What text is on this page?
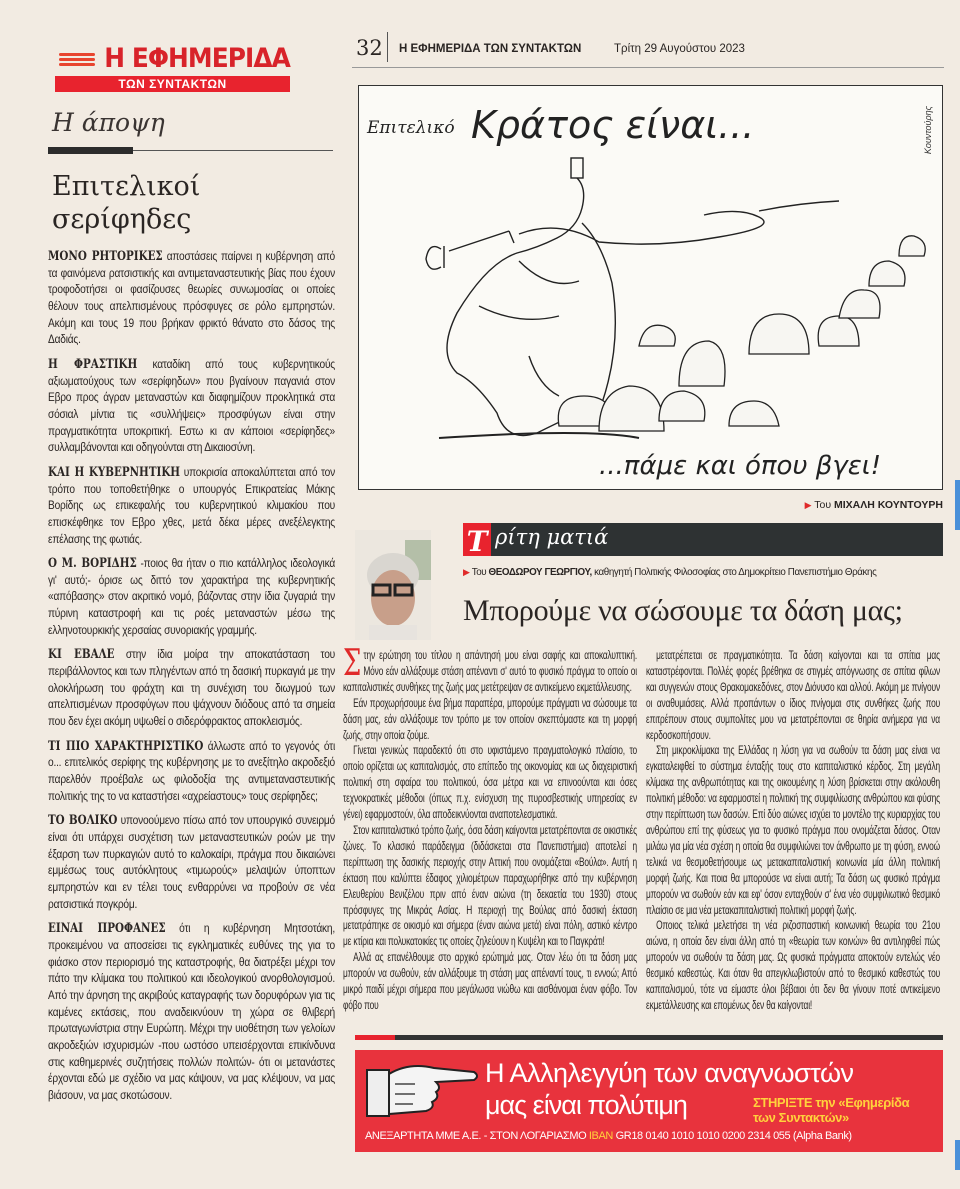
Η ΕΦΗΜΕΡΙΔΑ
ΤΩΝ ΣΥΝΤΑΚΤΩΝ
Η άποψη
Επιτελικοί
σερίφηδες

ΜΟΝΟ ΡΗΤΟΡΙΚΕΣ αποστάσεις παίρνει η κυβέρνηση από τα φαινόμενα ρατσιστικής και αντιμεταναστευτικής βίας που έχουν τροφοδοτήσει οι φασίζουσες θεωρίες συνωμοσίας οι οποίες θέλουν τους απελπισμένους πρόσφυγες σε ρόλο εμπρηστών. Ακόμη και τους 19 που βρήκαν φρικτό θάνατο στο δάσος της Δαδιάς.

Η ΦΡΑΣΤΙΚΗ καταδίκη από τους κυβερνητικούς αξιωματούχους των «σερίφηδων» που βγαίνουν παγανιά στον Εβρο προς άγραν μεταναστών και διαφημίζουν προκλητικά στα σόσιαλ μίντια τις «συλλήψεις» προσφύγων είναι στην πραγματικότητα υποκριτική. Εστω κι αν κάποιοι «σερίφηδες» συλλαμβάνονται και οδηγούνται στη Δικαιοσύνη.

ΚΑΙ Η ΚΥΒΕΡΝΗΤΙΚΗ υποκρισία αποκαλύπτεται από τον τρόπο που τοποθετήθηκε ο υπουργός Επικρατείας Μάκης Βορίδης ως επικεφαλής του κυβερνητικού κλιμακίου που επισκέφθηκε τον Εβρο χθες, μετά δέκα μέρες ανεξέλεγκτης επέλασης της φωτιάς.

Ο Μ. ΒΟΡΙΔΗΣ -ποιος θα ήταν ο πιο κατάλληλος ιδεολογικά γι' αυτό;- όρισε ως διττό τον χαρακτήρα της κυβερνητικής «απόβασης» στον ακριτικό νομό, βάζοντας στην ίδια ζυγαριά την πύρινη καταστροφή και τις ροές μεταναστών μέσω της ελληνοτουρκικής χερσαίας συνοριακής γραμμής.

ΚΙ ΕΒΑΛΕ στην ίδια μοίρα την αποκατάσταση του περιβάλλοντος και των πληγέντων από τη δασική πυρκαγιά με την ολοκλήρωση του φράχτη και τη συνέχιση του διωγμού των απελπισμένων προσφύγων που ψάχνουν διόδους από τα σημεία που δεν έχει ακόμη υψωθεί ο σιδερόφρακτος αποκλεισμός.

ΤΙ ΠΙΟ ΧΑΡΑΚΤΗΡΙΣΤΙΚΟ άλλωστε από το γεγονός ότι ο... επιτελικός σερίφης της κυβέρνησης με το ανεξίτηλο ακροδεξιό παρελθόν προέβαλε ως φιλοδοξία της αντιμεταναστευτικής πολιτικής της το να καταστήσει «αχρείαστους» τους σερίφηδες;

ΤΟ ΒΟΛΙΚΟ υπονοούμενο πίσω από τον υπουργικό συνειρμό είναι ότι υπάρχει συσχέτιση των μεταναστευτικών ροών με την έξαρση των πυρκαγιών αυτό το καλοκαίρι, πράγμα που δικαιώνει εμμέσως τους αυτόκλητους «τιμωρούς» μελαψών ύποπτων εμπρηστών και εν τέλει τους ενθαρρύνει να προβούν σε νέα ρατσιστικά πογκρόμ.

ΕΙΝΑΙ ΠΡΟΦΑΝΕΣ ότι η κυβέρνηση Μητσοτάκη, προκειμένου να αποσείσει τις εγκληματικές ευθύνες της για το φιάσκο στον περιορισμό της καταστροφής, θα διατρέξει μέχρι τον πάτο την κλίμακα του πολιτικού και ιδεολογικού ανορθολογισμού. Από την άρνηση της ακριβούς καταγραφής των δορυφόρων για τις καμένες εκτάσεις, που αναδεικνύουν τη χώρα σε θλιβερή πρωταγωνίστρια στην Ευρώπη. Μέχρι την υιοθέτηση των γελοίων ακροδεξιών ισχυρισμών -που ωστόσο υπεισέρχονται επικίνδυνα στις καθημερινές συζητήσεις πολλών πολιτών- ότι οι μετανάστες έρχονται εδώ με σχέδιο να μας κάψουν, να μας κλέψουν, να μας βιάσουν, να μας σκοτώσουν.

32 Η ΕΦΗΜΕΡΙΔΑ ΤΩΝ ΣΥΝΤΑΚΤΩΝ	Τρίτη 29 Αυγούστου 2023
Επιτελικό Κράτος είναι...
...πάμε και όπου βγει!
Κουντούρης
▶ Του ΜΙΧΑΛΗ ΚΟΥΝΤΟΥΡΗ
Τ ρίτη ματιά
▶ Του ΘΕΟΔΩΡΟΥ ΓΕΩΡΓΙΟΥ, καθηγητή Πολιτικής Φιλοσοφίας στο Δημοκρίτειο Πανεπιστήμιο Θράκης
Μπορούμε να σώσουμε τα δάση μας;

Στην ερώτηση του τίτλου η απάντησή μου είναι σαφής και αποκαλυπτική. Μόνο εάν αλλάξουμε στάση απέναντι σ' αυτό το φυσικό πράγμα το οποίο οι καπιταλιστικές συνθήκες της ζωής μας μετέτρεψαν σε αντικείμενο εκμετάλλευσης.

Εάν προχωρήσουμε ένα βήμα παραπέρα, μπορούμε πράγματι να σώσουμε τα δάση μας, εάν αλλάξουμε τον τρόπο με τον οποίον σκεπτόμαστε και τη μορφή ζωής, στην οποία ζούμε.

Γίνεται γενικώς παραδεκτό ότι στο υφιστάμενο πραγματολογικό πλαίσιο, το οποίο ορίζεται ως καπιταλισμός, στο επίπεδο της οικονομίας και ως διαχειριστική πολιτική στη σφαίρα του πολιτικού, όσα μέτρα και να επινοούνται και όσες τεχνοκρατικές μέθοδοι (όπως π.χ. ενίσχυση της πυροσβεστικής υπηρεσίας εν γένει) εφαρμοστούν, όλα αποδεικνύονται αναποτελεσματικά.

Στον καπιταλιστικό τρόπο ζωής, όσα δάση καίγονται μετατρέπονται σε οικιστικές ζώνες. Το κλασικό παράδειγμα (διδάσκεται στα Πανεπιστήμια) αποτελεί η περίπτωση της δασικής περιοχής στην Αττική που ονομάζεται «Βούλα». Αυτή η έκταση που καλύπτει έδαφος χιλιομέτρων παραχωρήθηκε από την κυβέρνηση Ελευθερίου Βενιζέλου πριν από έναν αιώνα (τη δεκαετία του 1930) στους πρόσφυγες της Μικράς Ασίας. Η περιοχή της Βούλας από δασική έκταση μετατράπηκε σε οικισμό και σήμερα (έναν αιώνα μετά) είναι πόλη, αστικό κέντρο με κτίρια και πολυκατοικίες τις οποίες ζηλεύουν η Κυψέλη και το Παγκράτι!

Αλλά ας επανέλθουμε στο αρχικό ερώτημά μας. Οταν λέω ότι τα δάση μας μπορούν να σωθούν, εάν αλλάξουμε τη στάση μας απέναντί τους, τι εννοώ; Από μικρό παιδί μέχρι σήμερα που μεγάλωσα νιώθω και αισθάνομαι έναν φόβο. Τον φόβο που

μετατρέπεται σε πραγματικότητα. Τα δάση καίγονται και τα σπίτια μας καταστρέφονται. Πολλές φορές βρέθηκα σε στιγμές απόγνωσης σε σπίτια φίλων και συγγενών στους Θρακομακεδόνες, στον Διόνυσο και αλλού. Ακόμη με πνίγουν οι αναθυμιάσεις. Αλλά προπάντων ο ίδιος πνίγομαι στις συνθήκες ζωής που επιτρέπουν στους συμπολίτες μου να μετατρέπονται σε θηρία ανήμερα για να κερδοσκοπήσουν.

Στη μικροκλίμακα της Ελλάδας η λύση για να σωθούν τα δάση μας είναι να εγκαταλειφθεί το σύστημα ένταξής τους στο καπιταλιστικό κέρδος. Στη μεγάλη κλίμακα της ανθρωπότητας και της οικουμένης η λύση βρίσκεται στην ακόλουθη πολιτική μέθοδο: να εφαρμοστεί η πολιτική της συμφιλίωσης ανθρώπου και φύσης στην περίπτωση των δασών. Επί δύο αιώνες ισχύει το μοντέλο της κυριαρχίας του ανθρώπου επί της φύσεως για το φυσικό πράγμα που ονομάζεται δάσος. Οταν μιλάω για μία νέα σχέση η οποία θα συμφιλιώνει τον άνθρωπο με τη φύση, εννοώ τελικά να θεσμοθετήσουμε ως μετακαπιταλιστική κοινωνία μία άλλη πολιτική μορφή ζωής. Και ποια θα μπορούσε να είναι αυτή; Τα δάση ως φυσικό πράγμα μπορούν να σωθούν εάν και εφ' όσον ενταχθούν σ' ένα νέο συμφιλιωτικό θεσμικό πλαίσιο σε μια νέα μετακαπιταλιστική πολιτική μορφή ζωής.

Οποιος τελικά μελετήσει τη νέα ριζοσπαστική κοινωνική θεωρία του 21ου αιώνα, η οποία δεν είναι άλλη από τη «θεωρία των κοινών» θα αντιληφθεί πώς μπορούν να σωθούν τα δάση μας. Ως φυσικά πράγματα αποκτούν εντελώς νέο θεσμικό καθεστώς. Και όταν θα απεγκλωβιστούν από το θεσμικό καθεστώς του καπιταλισμού, τότε να είμαστε όλοι βέβαιοι ότι δεν θα γίνουν ποτέ αντικείμενο εκμετάλλευσης και επομένως δεν θα καίγονται!

Η Αλληλεγγύη των αναγνωστών
μας είναι πολύτιμη	ΣΤΗΡΙΞΤΕ την «Εφημερίδα
των Συντακτών»
ΑΝΕΞΑΡΤΗΤΑ ΜΜΕ Α.Ε. - ΣΤΟΝ ΛΟΓΑΡΙΑΣΜΟ IBAN GR18 0140 1010 1010 0200 2314 055 (Alpha Bank)
